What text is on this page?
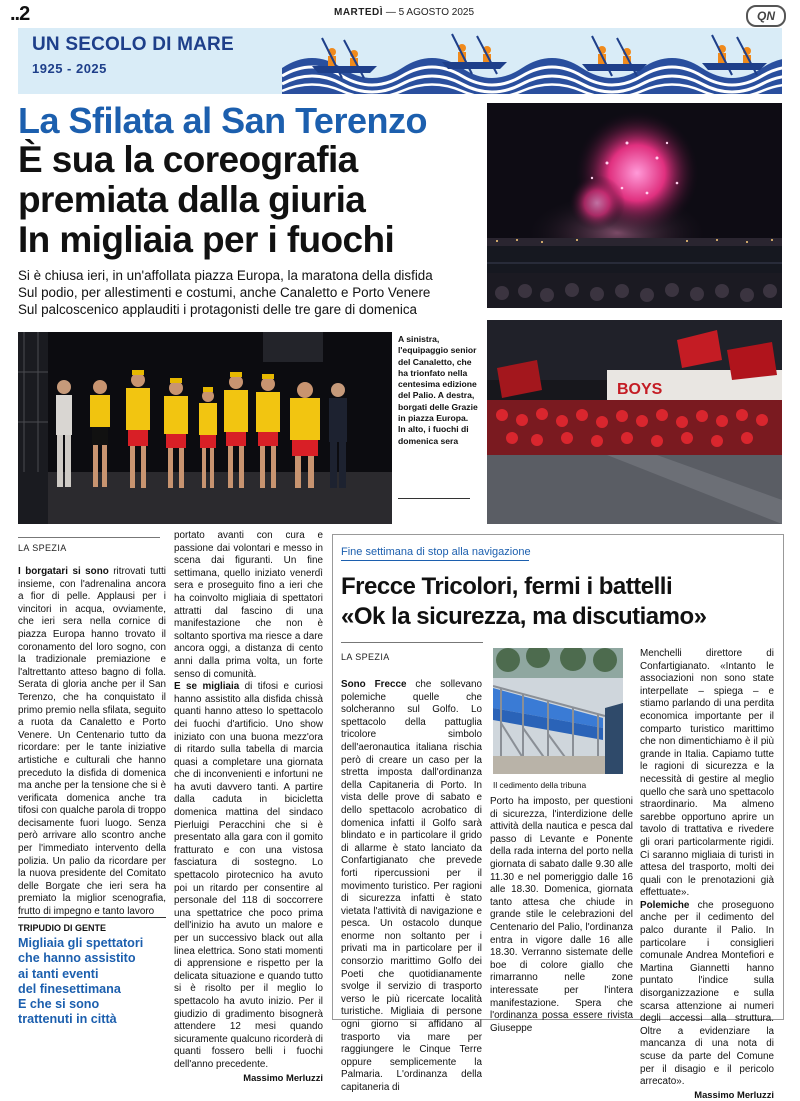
..2	MARTEDÌ — 5 AGOSTO 2025	QN
UN SECOLO DI MARE
1925 - 2025
La Sfilata al San Terenzo
È sua la coreografia
premiata dalla giuria
In migliaia per i fuochi
Si è chiusa ieri, in un'affollata piazza Europa, la maratona della disfida
Sul podio, per allestimenti e costumi, anche Canaletto e Porto Venere
Sul palcoscenico applauditi i protagonisti delle tre gare di domenica
A sinistra, l'equipaggio senior del Canaletto, che ha trionfato nella centesima edizione del Palio. A destra, borgati delle Grazie in piazza Europa. In alto, i fuochi di domenica sera
BOYS
LA SPEZIA

I borgatari si sono ritrovati tutti insieme, con l'adrenalina ancora a fior di pelle. Applausi per i vincitori in acqua, ovviamente, che ieri sera nella cornice di piazza Europa hanno trovato il coronamento del loro sogno, con la tradizionale premiazione e l'altrettanto atteso bagno di folla. Serata di gloria anche per il San Terenzo, che ha conquistato il primo premio nella sfilata, seguito a ruota da Canaletto e Porto Venere. Un Centenario tutto da ricordare: per le tante iniziative artistiche e culturali che hanno preceduto la disfida di domenica ma anche per la tensione che si è verificata domenica anche tra tifosi con qualche parola di troppo decisamente fuori luogo. Senza però arrivare allo scontro anche per l'immediato intervento della polizia. Un palio da ricordare per la nuova presidente del Comitato delle Borgate che ieri sera ha premiato la miglior scenografia, frutto di impegno e tanto lavoro

portato avanti con cura e passione dai volontari e messo in scena dai figuranti. Un fine settimana, quello iniziato venerdì sera e proseguito fino a ieri che ha coinvolto migliaia di spettatori attratti dal fascino di una manifestazione che non è soltanto sportiva ma riesce a dare ancora oggi, a distanza di cento anni dalla prima volta, un forte senso di comunità.

E se migliaia di tifosi e curiosi hanno assistito alla disfida chissà quanti hanno atteso lo spettacolo dei fuochi d'artificio. Uno show iniziato con una buona mezz'ora di ritardo sulla tabella di marcia quasi a completare una giornata che di inconvenienti e infortuni ne ha avuti davvero tanti. A partire dalla caduta in bicicletta domenica mattina del sindaco Pierluigi Peracchini che si è presentato alla gara con il gomito fratturato e con una vistosa fasciatura di sostegno. Lo spettacolo pirotecnico ha avuto poi un ritardo per consentire al personale del 118 di soccorrere una spettatrice che poco prima dell'inizio ha avuto un malore e per un successivo black out alla linea elettrica. Sono stati momenti di apprensione e rispetto per la delicata situazione e quando tutto si è risolto per il meglio lo spettacolo ha avuto inizio. Per il giudizio di gradimento bisognerà attendere 12 mesi quando sicuramente qualcuno ricorderà di quanti fossero belli i fuochi dell'anno precedente.

Massimo Merluzzi
TRIPUDIO DI GENTE
Migliaia gli spettatori
che hanno assistito
ai tanti eventi
del finesettimana
E che si sono
trattenuti in città
Fine settimana di stop alla navigazione
Frecce Tricolori, fermi i battelli
«Ok la sicurezza, ma discutiamo»
LA SPEZIA

Sono Frecce che sollevano polemiche quelle che solcheranno sul Golfo. Lo spettacolo della pattuglia tricolore simbolo dell'aeronautica italiana rischia però di creare un caso per la stretta imposta dall'ordinanza della Capitaneria di Porto. In vista delle prove di sabato e dello spettacolo acrobatico di domenica infatti il Golfo sarà blindato e in particolare il grido di allarme è stato lanciato da Confartigianato che prevede forti ripercussioni per il movimento turistico. Per ragioni di sicurezza infatti è stato vietata l'attività di navigazione e pesca. Un ostacolo dunque enorme non soltanto per i privati ma in particolare per il consorzio marittimo Golfo dei Poeti che quotidianamente svolge il servizio di trasporto verso le più ricercate località turistiche. Migliaia di persone ogni giorno si affidano al trasporto via mare per raggiungere le Cinque Terre oppure semplicemente la Palmaria. L'ordinanza della capitaneria di

Il cedimento della tribuna

Porto ha imposto, per questioni di sicurezza, l'interdizione delle attività della nautica e pesca dal passo di Levante e Ponente della rada interna del porto nella giornata di sabato dalle 9.30 alle 11.30 e nel pomeriggio dalle 16 alle 18.30. Domenica, giornata tanto attesa che chiude in grande stile le celebrazioni del Centenario del Palio, l'ordinanza entra in vigore dalle 16 alle 18.30. Verranno sistemate delle boe di colore giallo che rimarranno nelle zone interessate per l'intera manifestazione. Spera che l'ordinanza possa essere rivista Giuseppe

Menchelli direttore di Confartigianato. «Intanto le associazioni non sono state interpellate – spiega – e stiamo parlando di una perdita economica importante per il comparto turistico marittimo che non dimentichiamo è il più grande in Italia. Capiamo tutte le ragioni di sicurezza e la necessità di gestire al meglio quello che sarà uno spettacolo straordinario. Ma almeno sarebbe opportuno aprire un tavolo di trattativa e rivedere gli orari particolarmente rigidi. Ci saranno migliaia di turisti in attesa del trasporto, molti dei quali con le prenotazioni già effettuate».

Polemiche che proseguono anche per il cedimento del palco durante il Palio. In particolare i consiglieri comunale Andrea Montefiori e Martina Giannetti hanno puntato l'indice sulla disorganizzazione e sulla scarsa attenzione ai numeri degli accessi alla struttura. Oltre a evidenziare la mancanza di una nota di scuse da parte del Comune per il disagio e il pericolo arrecato».

Massimo Merluzzi
